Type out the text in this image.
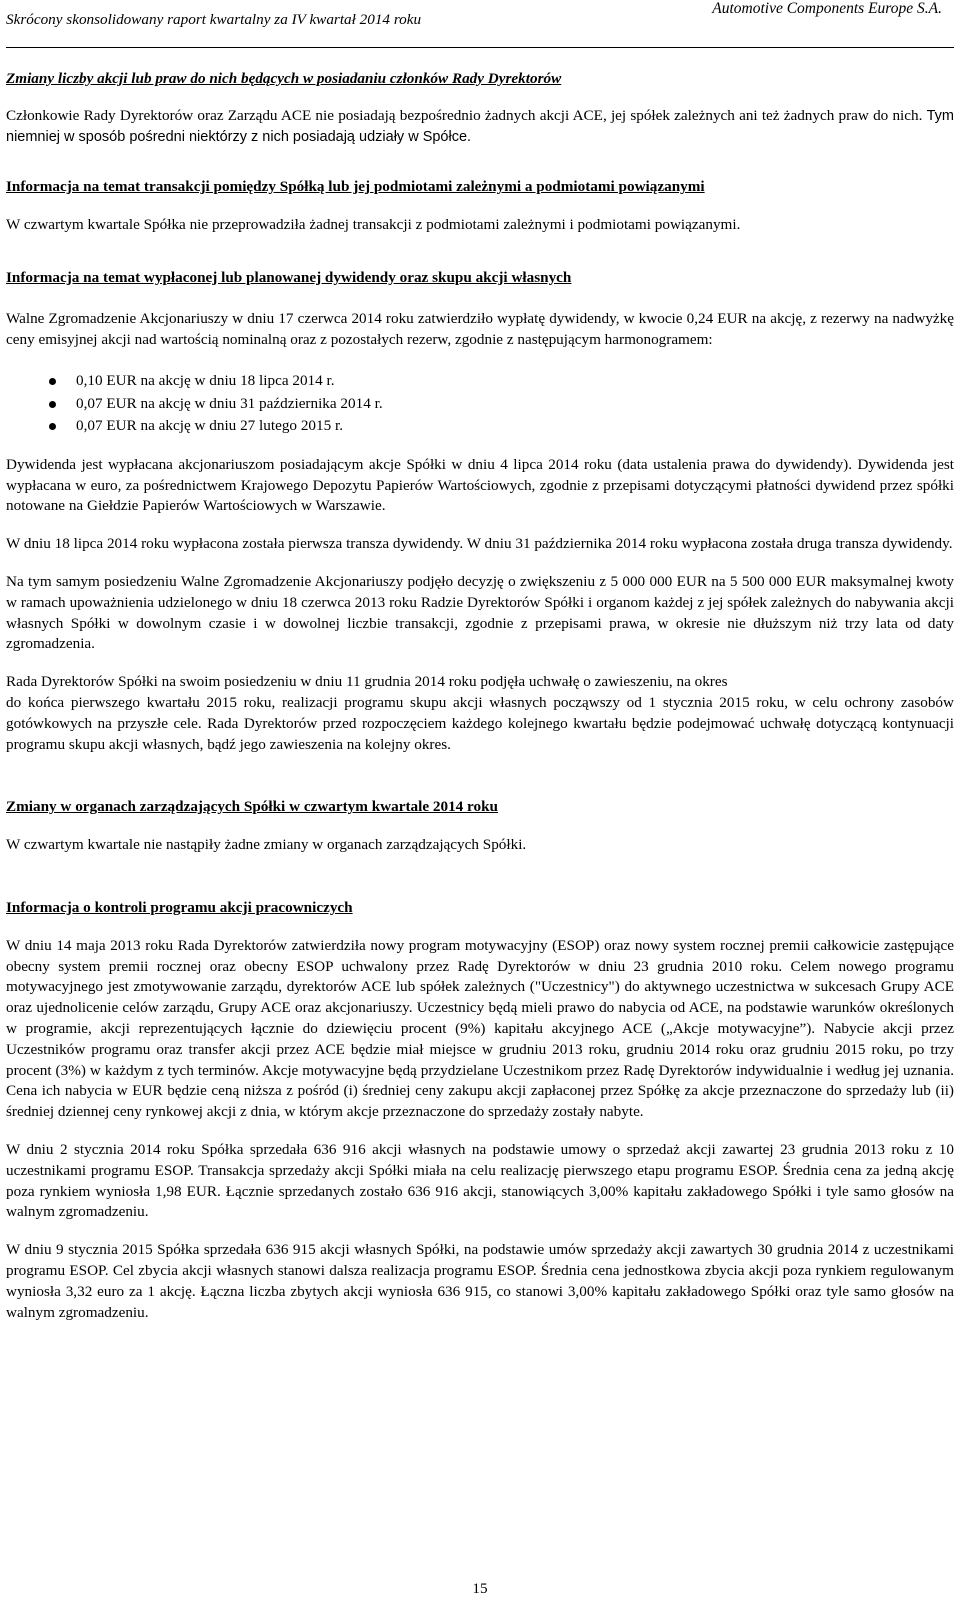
Skrócony skonsolidowany raport kwartalny za IV kwartał 2014 roku
Automotive Components Europe S.A.

Zmiany liczby akcji lub praw do nich będących w posiadaniu członków Rady Dyrektorów

Członkowie Rady Dyrektorów oraz Zarządu ACE nie posiadają bezpośrednio żadnych akcji ACE, jej spółek zależnych ani też żadnych praw do nich. Tym niemniej w sposób pośredni niektórzy z nich posiadają udziały w Spółce.

Informacja na temat transakcji pomiędzy Spółką lub jej podmiotami zależnymi a podmiotami powiązanymi

W czwartym kwartale Spółka nie przeprowadziła żadnej transakcji z podmiotami zależnymi i podmiotami powiązanymi.

Informacja na temat wypłaconej lub planowanej dywidendy oraz skupu akcji własnych

Walne Zgromadzenie Akcjonariuszy w dniu 17 czerwca 2014 roku zatwierdziło wypłatę dywidendy, w kwocie 0,24 EUR na akcję, z rezerwy na nadwyżkę ceny emisyjnej akcji nad wartością nominalną oraz z pozostałych rezerw, zgodnie z następującym harmonogramem:

0,10 EUR na akcję w dniu 18 lipca 2014 r.
0,07 EUR na akcję w dniu 31 października 2014 r.
0,07 EUR na akcję w dniu 27 lutego 2015 r.

Dywidenda jest wypłacana akcjonariuszom posiadającym akcje Spółki w dniu 4 lipca 2014 roku (data ustalenia prawa do dywidendy). Dywidenda jest wypłacana w euro, za pośrednictwem Krajowego Depozytu Papierów Wartościowych, zgodnie z przepisami dotyczącymi płatności dywidend przez spółki notowane na Giełdzie Papierów Wartościowych w Warszawie.

W dniu 18 lipca 2014 roku wypłacona została pierwsza transza dywidendy. W dniu 31 października 2014 roku wypłacona została druga transza dywidendy.

Na tym samym posiedzeniu Walne Zgromadzenie Akcjonariuszy podjęło decyzję o zwiększeniu z 5 000 000 EUR na 5 500 000 EUR maksymalnej kwoty w ramach upoważnienia udzielonego w dniu 18 czerwca 2013 roku Radzie Dyrektorów Spółki i organom każdej z jej spółek zależnych do nabywania akcji własnych Spółki w dowolnym czasie i w dowolnej liczbie transakcji, zgodnie z przepisami prawa, w okresie nie dłuższym niż trzy lata od daty zgromadzenia.

Rada Dyrektorów Spółki na swoim posiedzeniu w dniu 11 grudnia 2014 roku podjęła uchwałę o zawieszeniu, na okres
do końca pierwszego kwartału 2015 roku, realizacji programu skupu akcji własnych począwszy od 1 stycznia 2015 roku, w celu ochrony zasobów gotówkowych na przyszłe cele. Rada Dyrektorów przed rozpoczęciem każdego kolejnego kwartału będzie podejmować uchwałę dotyczącą kontynuacji programu skupu akcji własnych, bądź jego zawieszenia na kolejny okres.

Zmiany w organach zarządzających Spółki w czwartym kwartale 2014 roku

W czwartym kwartale nie nastąpiły żadne zmiany w organach zarządzających Spółki.

Informacja o kontroli programu akcji pracowniczych

W dniu 14 maja 2013 roku Rada Dyrektorów zatwierdziła nowy program motywacyjny (ESOP) oraz nowy system rocznej premii całkowicie zastępujące obecny system premii rocznej oraz obecny ESOP uchwalony przez Radę Dyrektorów w dniu 23 grudnia 2010 roku. Celem nowego programu motywacyjnego jest zmotywowanie zarządu, dyrektorów ACE lub spółek zależnych ("Uczestnicy") do aktywnego uczestnictwa w sukcesach Grupy ACE oraz ujednolicenie celów zarządu, Grupy ACE oraz akcjonariuszy. Uczestnicy będą mieli prawo do nabycia od ACE, na podstawie warunków określonych w programie, akcji reprezentujących łącznie do dziewięciu procent (9%) kapitału akcyjnego ACE („Akcje motywacyjne”). Nabycie akcji przez Uczestników programu oraz transfer akcji przez ACE będzie miał miejsce w grudniu 2013 roku, grudniu 2014 roku oraz grudniu 2015 roku, po trzy procent (3%) w każdym z tych terminów. Akcje motywacyjne będą przydzielane Uczestnikom przez Radę Dyrektorów indywidualnie i według jej uznania. Cena ich nabycia w EUR będzie ceną niższa z pośród (i) średniej ceny zakupu akcji zapłaconej przez Spółkę za akcje przeznaczone do sprzedaży lub (ii) średniej dziennej ceny rynkowej akcji z dnia, w którym akcje przeznaczone do sprzedaży zostały nabyte.

W dniu 2 stycznia 2014 roku Spółka sprzedała 636 916 akcji własnych na podstawie umowy o sprzedaż akcji zawartej 23 grudnia 2013 roku z 10 uczestnikami programu ESOP. Transakcja sprzedaży akcji Spółki miała na celu realizację pierwszego etapu programu ESOP. Średnia cena za jedną akcję poza rynkiem wyniosła 1,98 EUR. Łącznie sprzedanych zostało 636 916 akcji, stanowiących 3,00% kapitału zakładowego Spółki i tyle samo głosów na walnym zgromadzeniu.

W dniu 9 stycznia 2015 Spółka sprzedała 636 915 akcji własnych Spółki, na podstawie umów sprzedaży akcji zawartych 30 grudnia 2014 z uczestnikami programu ESOP. Cel zbycia akcji własnych stanowi dalsza realizacja programu ESOP. Średnia cena jednostkowa zbycia akcji poza rynkiem regulowanym wyniosła 3,32 euro za 1 akcję. Łączna liczba zbytych akcji wyniosła 636 915, co stanowi 3,00% kapitału zakładowego Spółki oraz tyle samo głosów na walnym zgromadzeniu.

15
